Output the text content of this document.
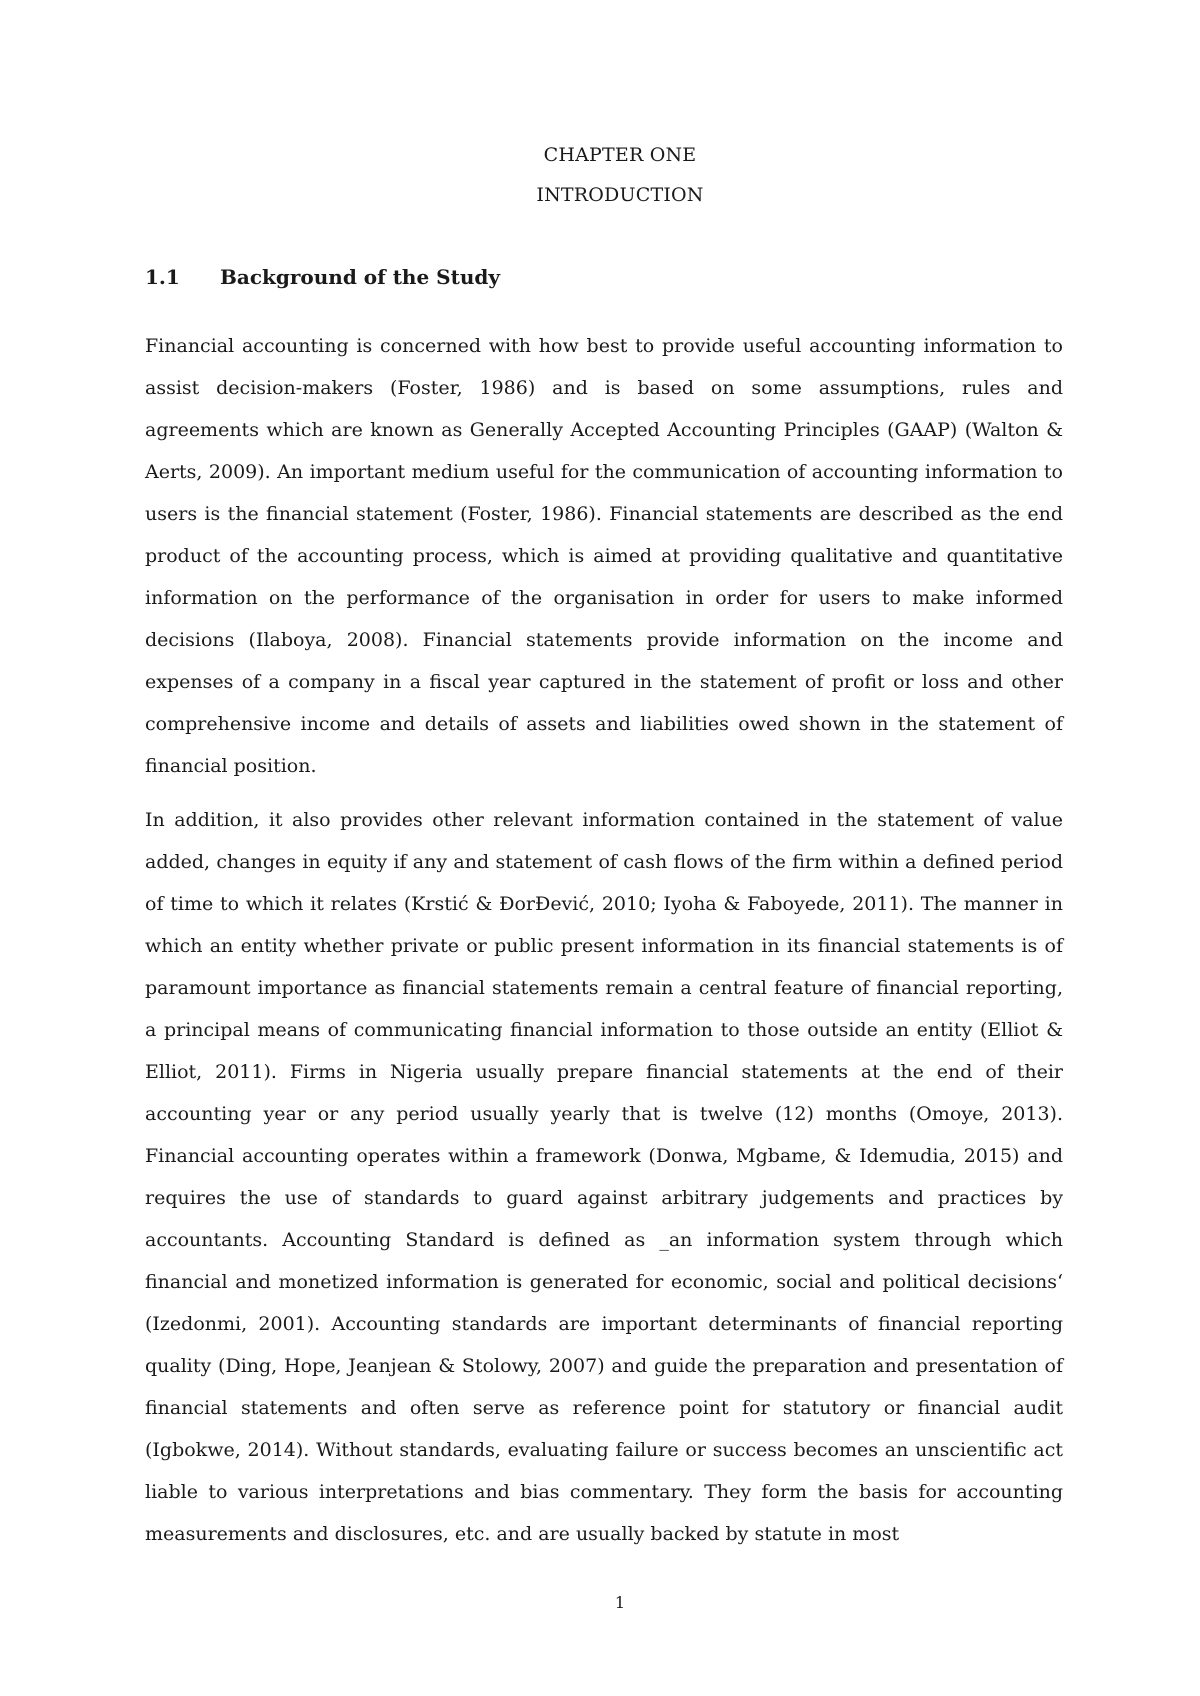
CHAPTER ONE
INTRODUCTION
1.1 Background of the Study

Financial accounting is concerned with how best to provide useful accounting information to assist decision-makers (Foster, 1986) and is based on some assumptions, rules and agreements which are known as Generally Accepted Accounting Principles (GAAP) (Walton & Aerts, 2009). An important medium useful for the communication of accounting information to users is the financial statement (Foster, 1986). Financial statements are described as the end product of the accounting process, which is aimed at providing qualitative and quantitative information on the performance of the organisation in order for users to make informed decisions (Ilaboya, 2008). Financial statements provide information on the income and expenses of a company in a fiscal year captured in the statement of profit or loss and other comprehensive income and details of assets and liabilities owed shown in the statement of financial position.

In addition, it also provides other relevant information contained in the statement of value added, changes in equity if any and statement of cash flows of the firm within a defined period of time to which it relates (Krstić & ĐorĐević, 2010; Iyoha & Faboyede, 2011). The manner in which an entity whether private or public present information in its financial statements is of paramount importance as financial statements remain a central feature of financial reporting, a principal means of communicating financial information to those outside an entity (Elliot & Elliot, 2011). Firms in Nigeria usually prepare financial statements at the end of their accounting year or any period usually yearly that is twelve (12) months (Omoye, 2013). Financial accounting operates within a framework (Donwa, Mgbame, & Idemudia, 2015) and requires the use of standards to guard against arbitrary judgements and practices by accountants. Accounting Standard is defined as _an information system through which financial and monetized information is generated for economic, social and political decisions‘ (Izedonmi, 2001). Accounting standards are important determinants of financial reporting quality (Ding, Hope, Jeanjean & Stolowy, 2007) and guide the preparation and presentation of financial statements and often serve as reference point for statutory or financial audit (Igbokwe, 2014). Without standards, evaluating failure or success becomes an unscientific act liable to various interpretations and bias commentary. They form the basis for accounting measurements and disclosures, etc. and are usually backed by statute in most

1
